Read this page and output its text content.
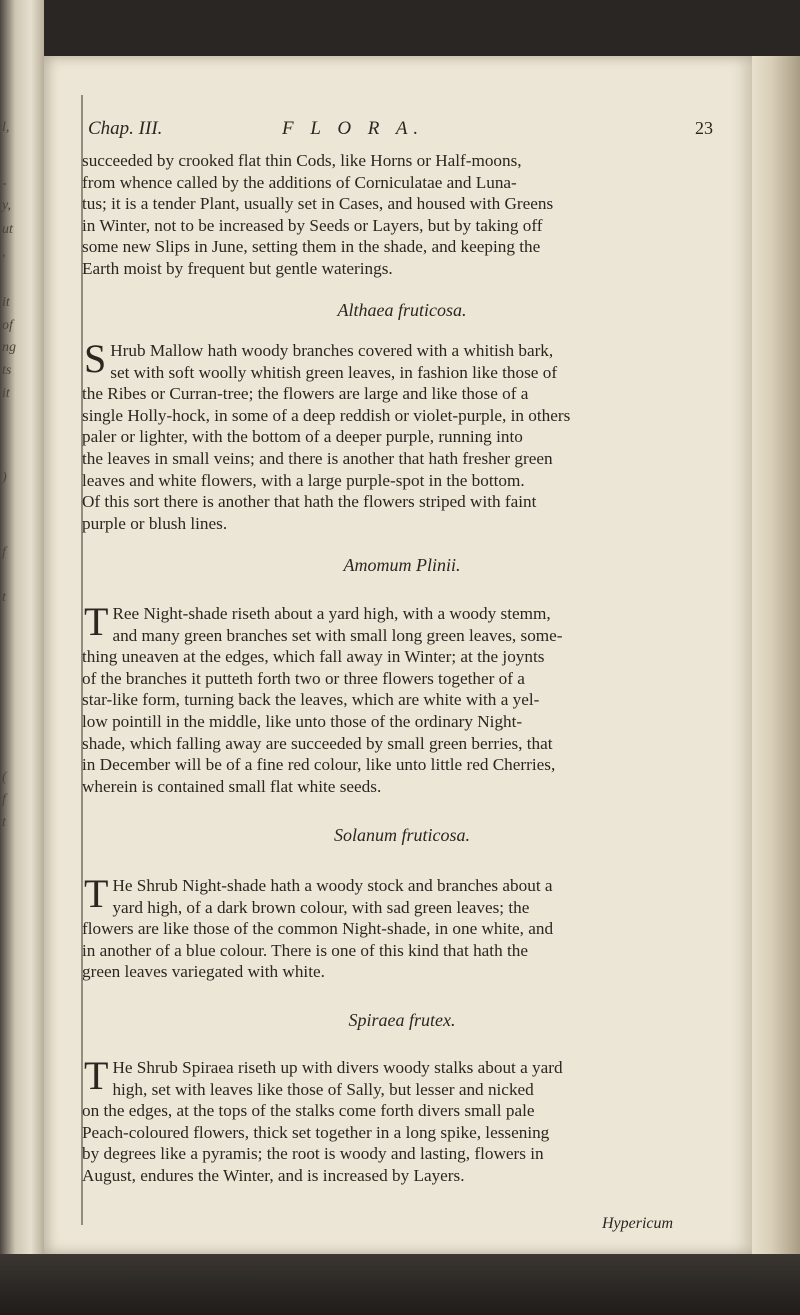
l,
-
y,
ut
,
it
of
ng
ts
it
)
f
t
(
f
t
Chap. III.	F L O R A.	23
succeeded by crooked flat thin Cods, like Horns or Half-moons,
from whence called by the additions of Corniculatae and Luna-
tus; it is a tender Plant, usually set in Cases, and housed with Greens
in Winter, not to be increased by Seeds or Layers, but by taking off
some new Slips in June, setting them in the shade, and keeping the
Earth moist by frequent but gentle waterings.
Althaea fruticosa.
S Hrub Mallow hath woody branches covered with a whitish bark,
set with soft woolly whitish green leaves, in fashion like those of
the Ribes or Curran-tree; the flowers are large and like those of a
single Holly-hock, in some of a deep reddish or violet-purple, in others
paler or lighter, with the bottom of a deeper purple, running into
the leaves in small veins; and there is another that hath fresher green
leaves and white flowers, with a large purple-spot in the bottom.
Of this sort there is another that hath the flowers striped with faint
purple or blush lines.
Amomum Plinii.
T Ree Night-shade riseth about a yard high, with a woody stemm,
and many green branches set with small long green leaves, some-
thing uneaven at the edges, which fall away in Winter; at the joynts
of the branches it putteth forth two or three flowers together of a
star-like form, turning back the leaves, which are white with a yel-
low pointill in the middle, like unto those of the ordinary Night-
shade, which falling away are succeeded by small green berries, that
in December will be of a fine red colour, like unto little red Cherries,
wherein is contained small flat white seeds.
Solanum fruticosa.
T He Shrub Night-shade hath a woody stock and branches about a
yard high, of a dark brown colour, with sad green leaves; the
flowers are like those of the common Night-shade, in one white, and
in another of a blue colour. There is one of this kind that hath the
green leaves variegated with white.
Spiraea frutex.
T He Shrub Spiraea riseth up with divers woody stalks about a yard
high, set with leaves like those of Sally, but lesser and nicked
on the edges, at the tops of the stalks come forth divers small pale
Peach-coloured flowers, thick set together in a long spike, lessening
by degrees like a pyramis; the root is woody and lasting, flowers in
August, endures the Winter, and is increased by Layers.
Hypericum
